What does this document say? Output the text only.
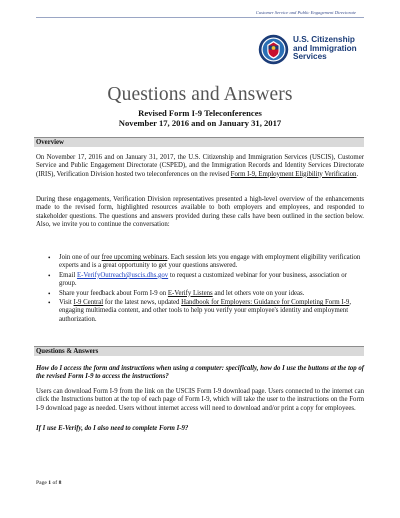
Customer Service and Public Engagement Directorate
U.S. Citizenship
and Immigration
Services
Questions and Answers
Revised Form I-9 Teleconferences
November 17, 2016 and on January 31, 2017
Overview

On November 17, 2016 and on January 31, 2017, the U.S. Citizenship and Immigration Services (USCIS), Customer Service and Public Engagement Directorate (CSPED), and the Immigration Records and Identity Services Directorate (IRIS), Verification Division hosted two teleconferences on the revised Form I-9, Employment Eligibility Verification.

During these engagements, Verification Division representatives presented a high-level overview of the enhancements made to the revised form, highlighted resources available to both employers and employees, and responded to stakeholder questions. The questions and answers provided during these calls have been outlined in the section below. Also, we invite you to continue the conversation:

• Join one of our free upcoming webinars. Each session lets you engage with employment eligibility verification experts and is a great opportunity to get your questions answered.
• Email E-VerifyOutreach@uscis.dhs.gov to request a customized webinar for your business, association or group.
• Share your feedback about Form I-9 on E-Verify Listens and let others vote on your ideas.
• Visit I-9 Central for the latest news, updated Handbook for Employers: Guidance for Completing Form I-9, engaging multimedia content, and other tools to help you verify your employee's identity and employment authorization.
Questions & Answers

How do I access the form and instructions when using a computer: specifically, how do I use the buttons at the top of the revised Form I-9 to access the instructions?

Users can download Form I-9 from the link on the USCIS Form I-9 download page. Users connected to the internet can click the Instructions button at the top of each page of Form I-9, which will take the user to the instructions on the Form I-9 download page as needed. Users without internet access will need to download and/or print a copy for employees.

If I use E-Verify, do I also need to complete Form I-9?

Page 1 of 8
